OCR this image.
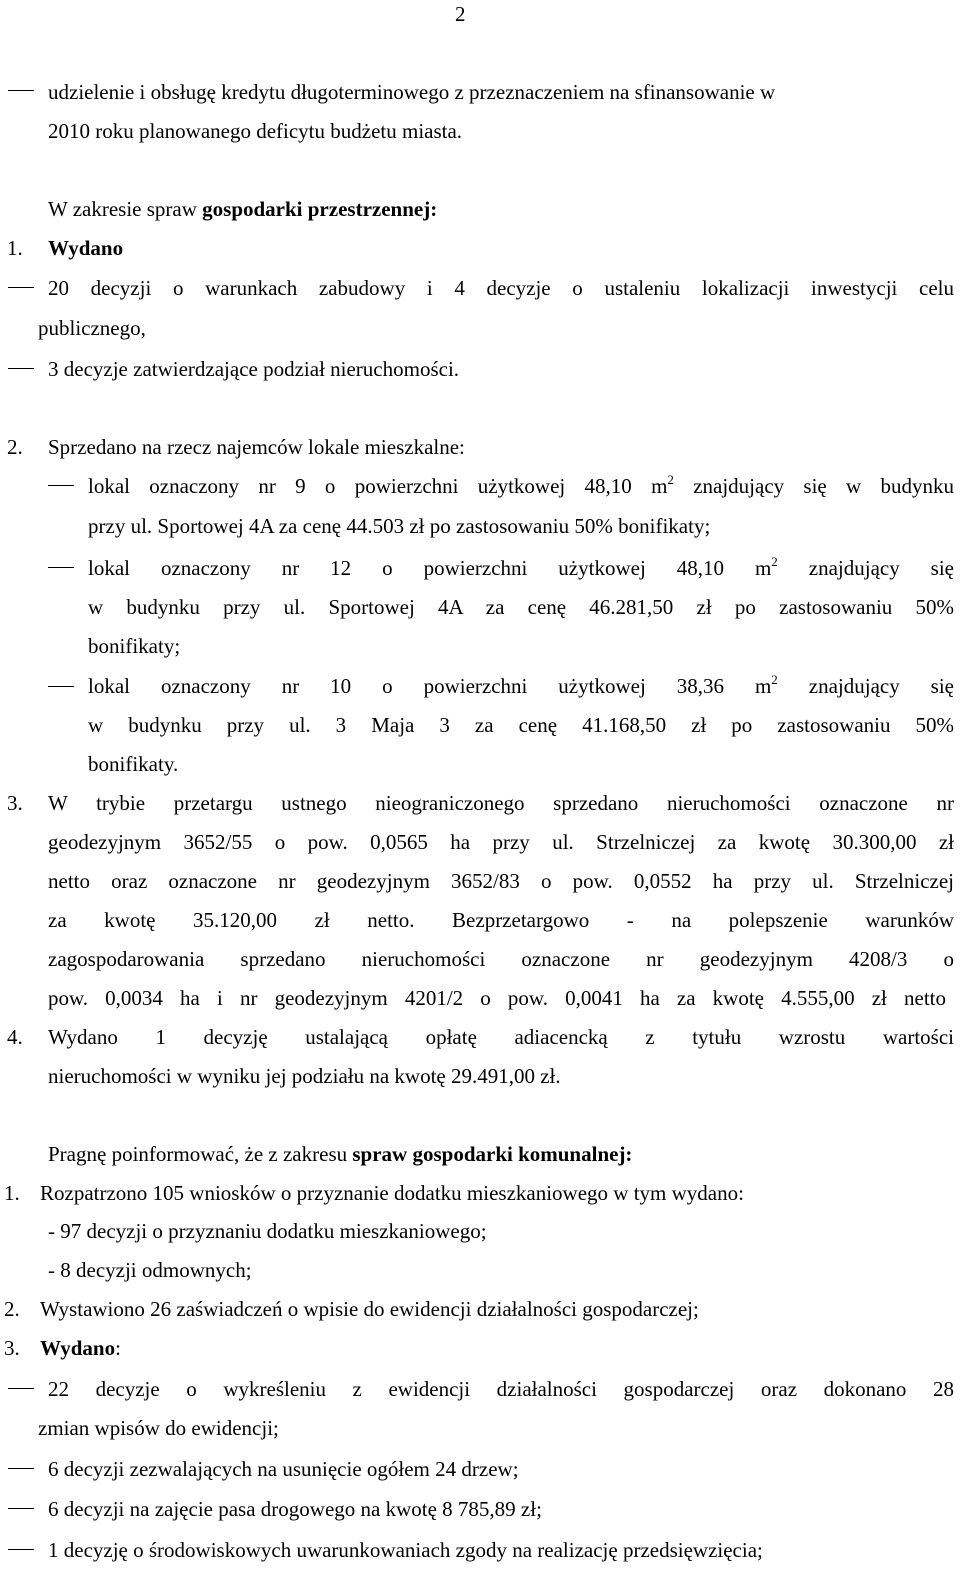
2
udzielenie i obsługę kredytu długoterminowego z przeznaczeniem na sfinansowanie w
2010 roku planowanego deficytu budżetu miasta.
W zakresie spraw gospodarki przestrzennej:
1. Wydano
20 decyzji o warunkach zabudowy i 4 decyzje o ustaleniu lokalizacji inwestycji celu
publicznego,
3 decyzje zatwierdzające podział nieruchomości.
2. Sprzedano na rzecz najemców lokale mieszkalne:
lokal oznaczony nr 9 o powierzchni użytkowej 48,10 $m^2$ znajdujący się w budynku
przy ul. Sportowej 4A za cenę 44.503 zł po zastosowaniu 50% bonifikaty;
lokal oznaczony nr 12 o powierzchni użytkowej 48,10 $m^2$ znajdujący się
w budynku przy ul. Sportowej 4A za cenę 46.281,50 zł po zastosowaniu 50%
bonifikaty;
lokal oznaczony nr 10 o powierzchni użytkowej 38,36 $m^2$ znajdujący się
w budynku przy ul. 3 Maja 3 za cenę 41.168,50 zł po zastosowaniu 50%
bonifikaty.
3. W trybie przetargu ustnego nieograniczonego sprzedano nieruchomości oznaczone nr
geodezyjnym 3652/55 o pow. 0,0565 ha przy ul. Strzelniczej za kwotę 30.300,00 zł
netto oraz oznaczone nr geodezyjnym 3652/83 o pow. 0,0552 ha przy ul. Strzelniczej
za kwotę 35.120,00 zł netto. Bezprzetargowo - na polepszenie warunków
zagospodarowania sprzedano nieruchomości oznaczone nr geodezyjnym 4208/3 o
pow. 0,0034 ha i nr geodezyjnym 4201/2 o pow. 0,0041 ha za kwotę 4.555,00 zł netto
4. Wydano 1 decyzję ustalającą opłatę adiacencką z tytułu wzrostu wartości
nieruchomości w wyniku jej podziału na kwotę 29.491,00 zł.
Pragnę poinformować, że z zakresu spraw gospodarki komunalnej:
1. Rozpatrzono 105 wniosków o przyznanie dodatku mieszkaniowego w tym wydano:
- 97 decyzji o przyznaniu dodatku mieszkaniowego;
- 8 decyzji odmownych;
2. Wystawiono 26 zaświadczeń o wpisie do ewidencji działalności gospodarczej;
3. Wydano:
22 decyzje o wykreśleniu z ewidencji działalności gospodarczej oraz dokonano 28
zmian wpisów do ewidencji;
6 decyzji zezwalających na usunięcie ogółem 24 drzew;
6 decyzji na zajęcie pasa drogowego na kwotę 8 785,89 zł;
1 decyzję o środowiskowych uwarunkowaniach zgody na realizację przedsięwzięcia;
